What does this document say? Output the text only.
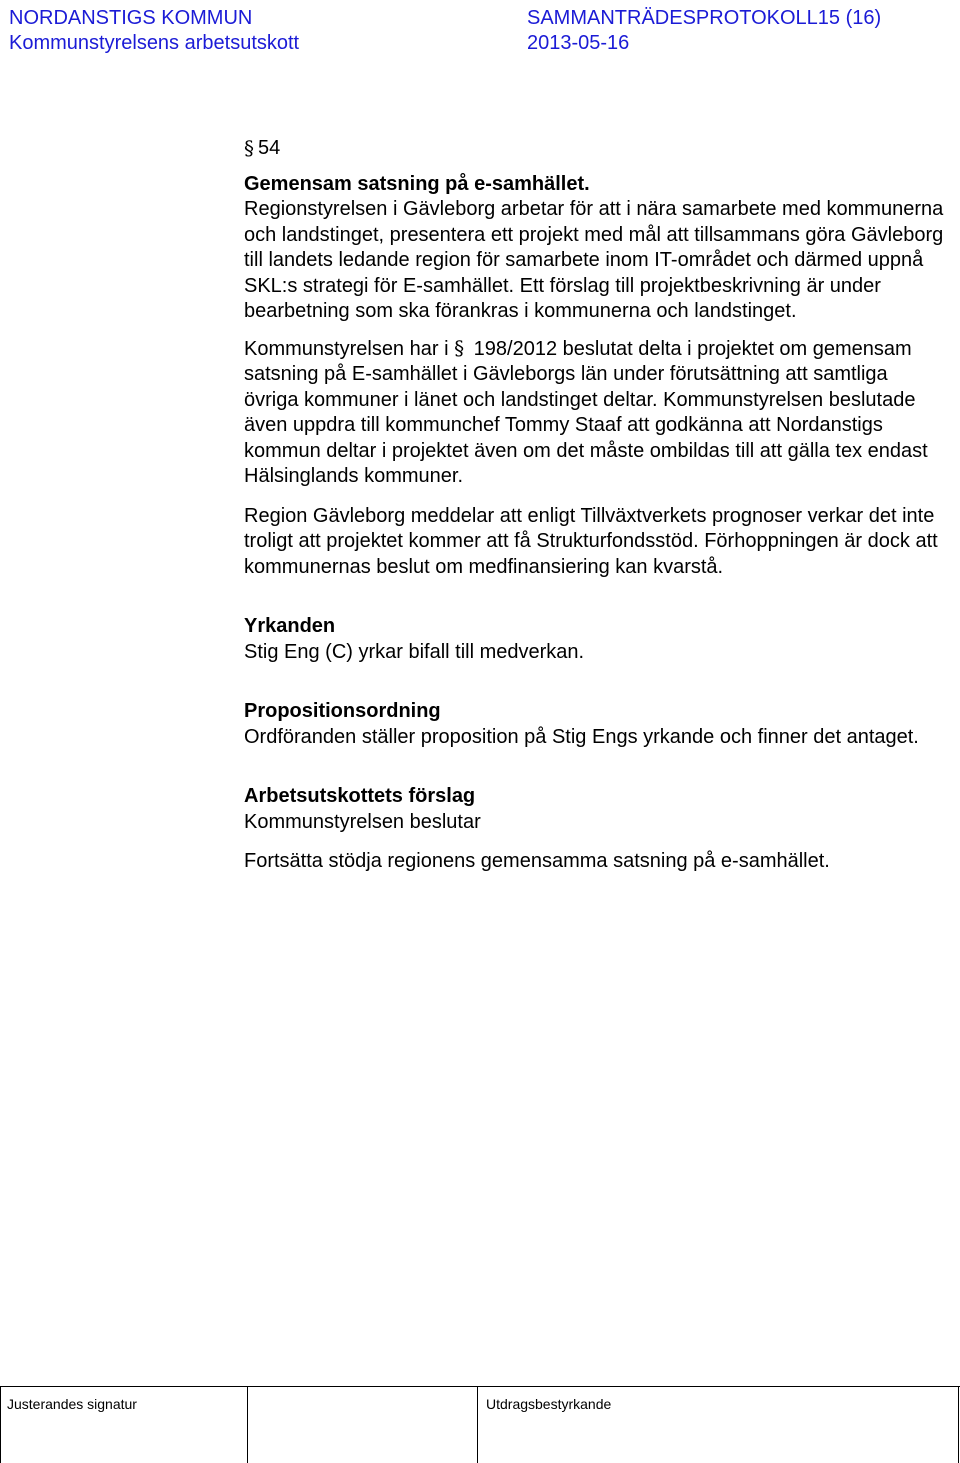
NORDANSTIGS KOMMUN	SAMMANTRÄDESPROTOKOLL15 (16)
Kommunstyrelsens arbetsutskott	2013-05-16
§ 54
Gemensam satsning på e-samhället.

Regionstyrelsen i Gävleborg arbetar för att i nära samarbete med kommunerna och landstinget, presentera ett projekt med mål att tillsammans göra Gävleborg till landets ledande region för samarbete inom IT-området och därmed uppnå SKL:s strategi för E-samhället. Ett förslag till projektbeskrivning är under bearbetning som ska förankras i kommunerna och landstinget.

Kommunstyrelsen har i § 198/2012 beslutat delta i projektet om gemensam satsning på E-samhället i Gävleborgs län under förutsättning att samtliga övriga kommuner i länet och landstinget deltar. Kommunstyrelsen beslutade även uppdra till kommunchef Tommy Staaf att godkänna att Nordanstigs kommun deltar i projektet även om det måste ombildas till att gälla tex endast Hälsinglands kommuner.

Region Gävleborg meddelar att enligt Tillväxtverkets prognoser verkar det inte troligt att projektet kommer att få Strukturfondsstöd. Förhoppningen är dock att kommunernas beslut om medfinansiering kan kvarstå.

Yrkanden
Stig Eng (C) yrkar bifall till medverkan.
Propositionsordning
Ordföranden ställer proposition på Stig Engs yrkande och finner det antaget.
Arbetsutskottets förslag
Kommunstyrelsen beslutar
Fortsätta stödja regionens gemensamma satsning på e-samhället.
Justerandes signatur	Utdragsbestyrkande
